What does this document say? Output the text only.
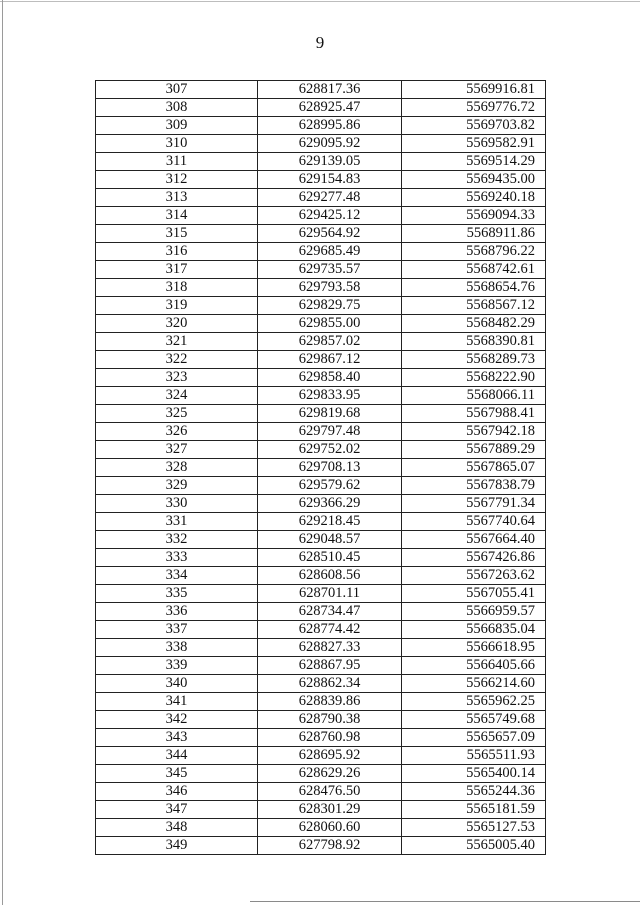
9
307	628817.36	5569916.81
308	628925.47	5569776.72
309	628995.86	5569703.82
310	629095.92	5569582.91
311	629139.05	5569514.29
312	629154.83	5569435.00
313	629277.48	5569240.18
314	629425.12	5569094.33
315	629564.92	5568911.86
316	629685.49	5568796.22
317	629735.57	5568742.61
318	629793.58	5568654.76
319	629829.75	5568567.12
320	629855.00	5568482.29
321	629857.02	5568390.81
322	629867.12	5568289.73
323	629858.40	5568222.90
324	629833.95	5568066.11
325	629819.68	5567988.41
326	629797.48	5567942.18
327	629752.02	5567889.29
328	629708.13	5567865.07
329	629579.62	5567838.79
330	629366.29	5567791.34
331	629218.45	5567740.64
332	629048.57	5567664.40
333	628510.45	5567426.86
334	628608.56	5567263.62
335	628701.11	5567055.41
336	628734.47	5566959.57
337	628774.42	5566835.04
338	628827.33	5566618.95
339	628867.95	5566405.66
340	628862.34	5566214.60
341	628839.86	5565962.25
342	628790.38	5565749.68
343	628760.98	5565657.09
344	628695.92	5565511.93
345	628629.26	5565400.14
346	628476.50	5565244.36
347	628301.29	5565181.59
348	628060.60	5565127.53
349	627798.92	5565005.40
